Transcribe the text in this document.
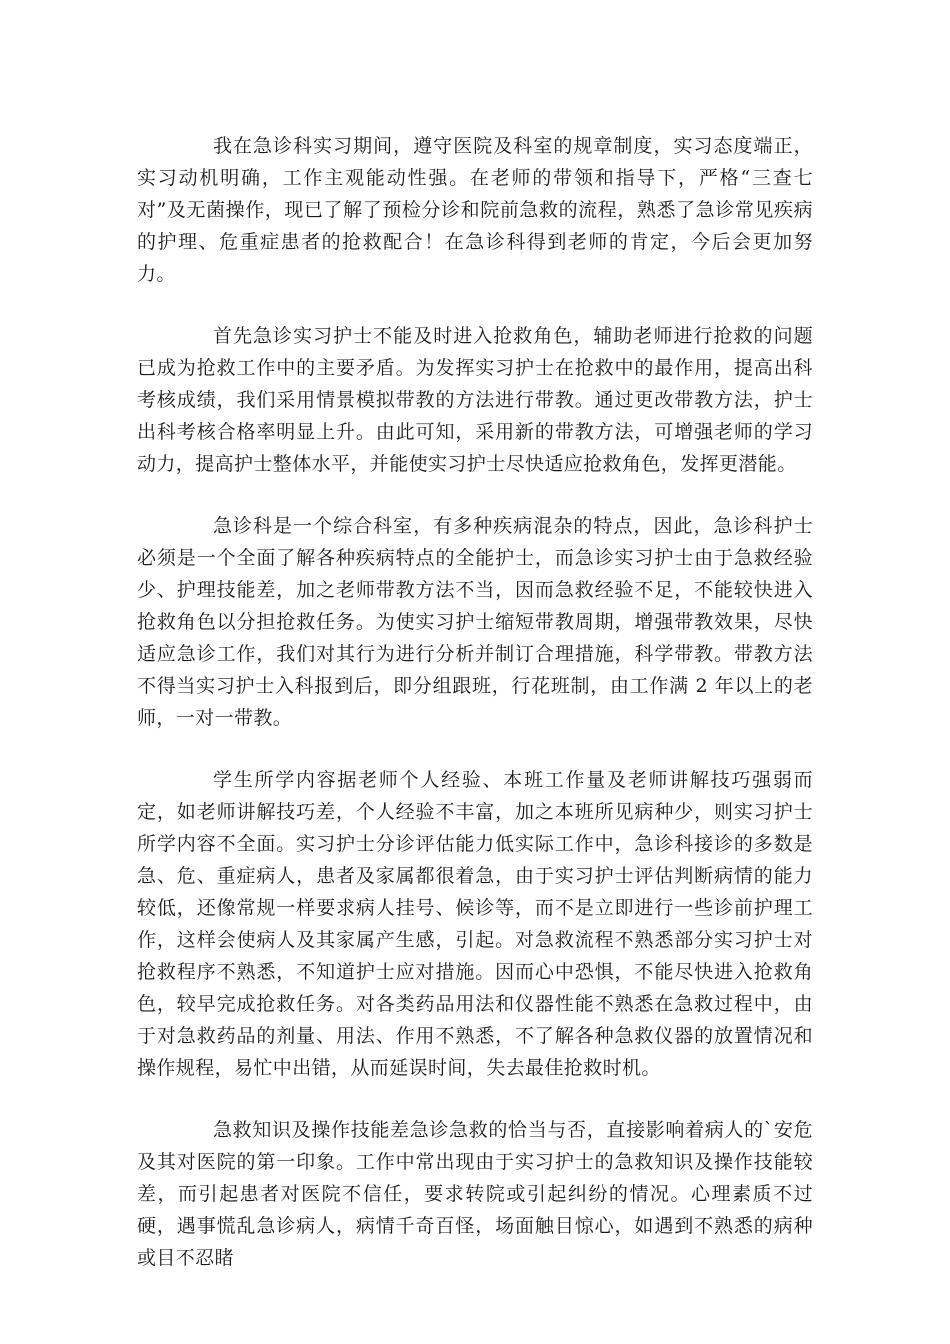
我在急诊科实习期间，遵守医院及科室的规章制度，实习态度端正，实习动机明确，工作主观能动性强。在老师的带领和指导下，严格“三查七对”及无菌操作，现已了解了预检分诊和院前急救的流程，熟悉了急诊常见疾病的护理、危重症患者的抢救配合！在急诊科得到老师的肯定，今后会更加努力。

首先急诊实习护士不能及时进入抢救角色，辅助老师进行抢救的问题已成为抢救工作中的主要矛盾。为发挥实习护士在抢救中的最作用，提高出科考核成绩，我们采用情景模拟带教的方法进行带教。通过更改带教方法，护士出科考核合格率明显上升。由此可知，采用新的带教方法，可增强老师的学习动力，提高护士整体水平，并能使实习护士尽快适应抢救角色，发挥更潜能。

急诊科是一个综合科室，有多种疾病混杂的特点，因此，急诊科护士必须是一个全面了解各种疾病特点的全能护士，而急诊实习护士由于急救经验少、护理技能差，加之老师带教方法不当，因而急救经验不足，不能较快进入抢救角色以分担抢救任务。为使实习护士缩短带教周期，增强带教效果，尽快适应急诊工作，我们对其行为进行分析并制订合理措施，科学带教。带教方法不得当实习护士入科报到后，即分组跟班，行花班制，由工作满 2 年以上的老师，一对一带教。

学生所学内容据老师个人经验、本班工作量及老师讲解技巧强弱而定，如老师讲解技巧差，个人经验不丰富，加之本班所见病种少，则实习护士所学内容不全面。实习护士分诊评估能力低实际工作中，急诊科接诊的多数是急、危、重症病人，患者及家属都很着急，由于实习护士评估判断病情的能力较低，还像常规一样要求病人挂号、候诊等，而不是立即进行一些诊前护理工作，这样会使病人及其家属产生感，引起。对急救流程不熟悉部分实习护士对抢救程序不熟悉，不知道护士应对措施。因而心中恐惧，不能尽快进入抢救角色，较早完成抢救任务。对各类药品用法和仪器性能不熟悉在急救过程中，由于对急救药品的剂量、用法、作用不熟悉，不了解各种急救仪器的放置情况和操作规程，易忙中出错，从而延误时间，失去最佳抢救时机。

急救知识及操作技能差急诊急救的恰当与否，直接影响着病人的`安危及其对医院的第一印象。工作中常出现由于实习护士的急救知识及操作技能较差，而引起患者对医院不信任，要求转院或引起纠纷的情况。心理素质不过硬，遇事慌乱急诊病人，病情千奇百怪，场面触目惊心，如遇到不熟悉的病种或目不忍睹
